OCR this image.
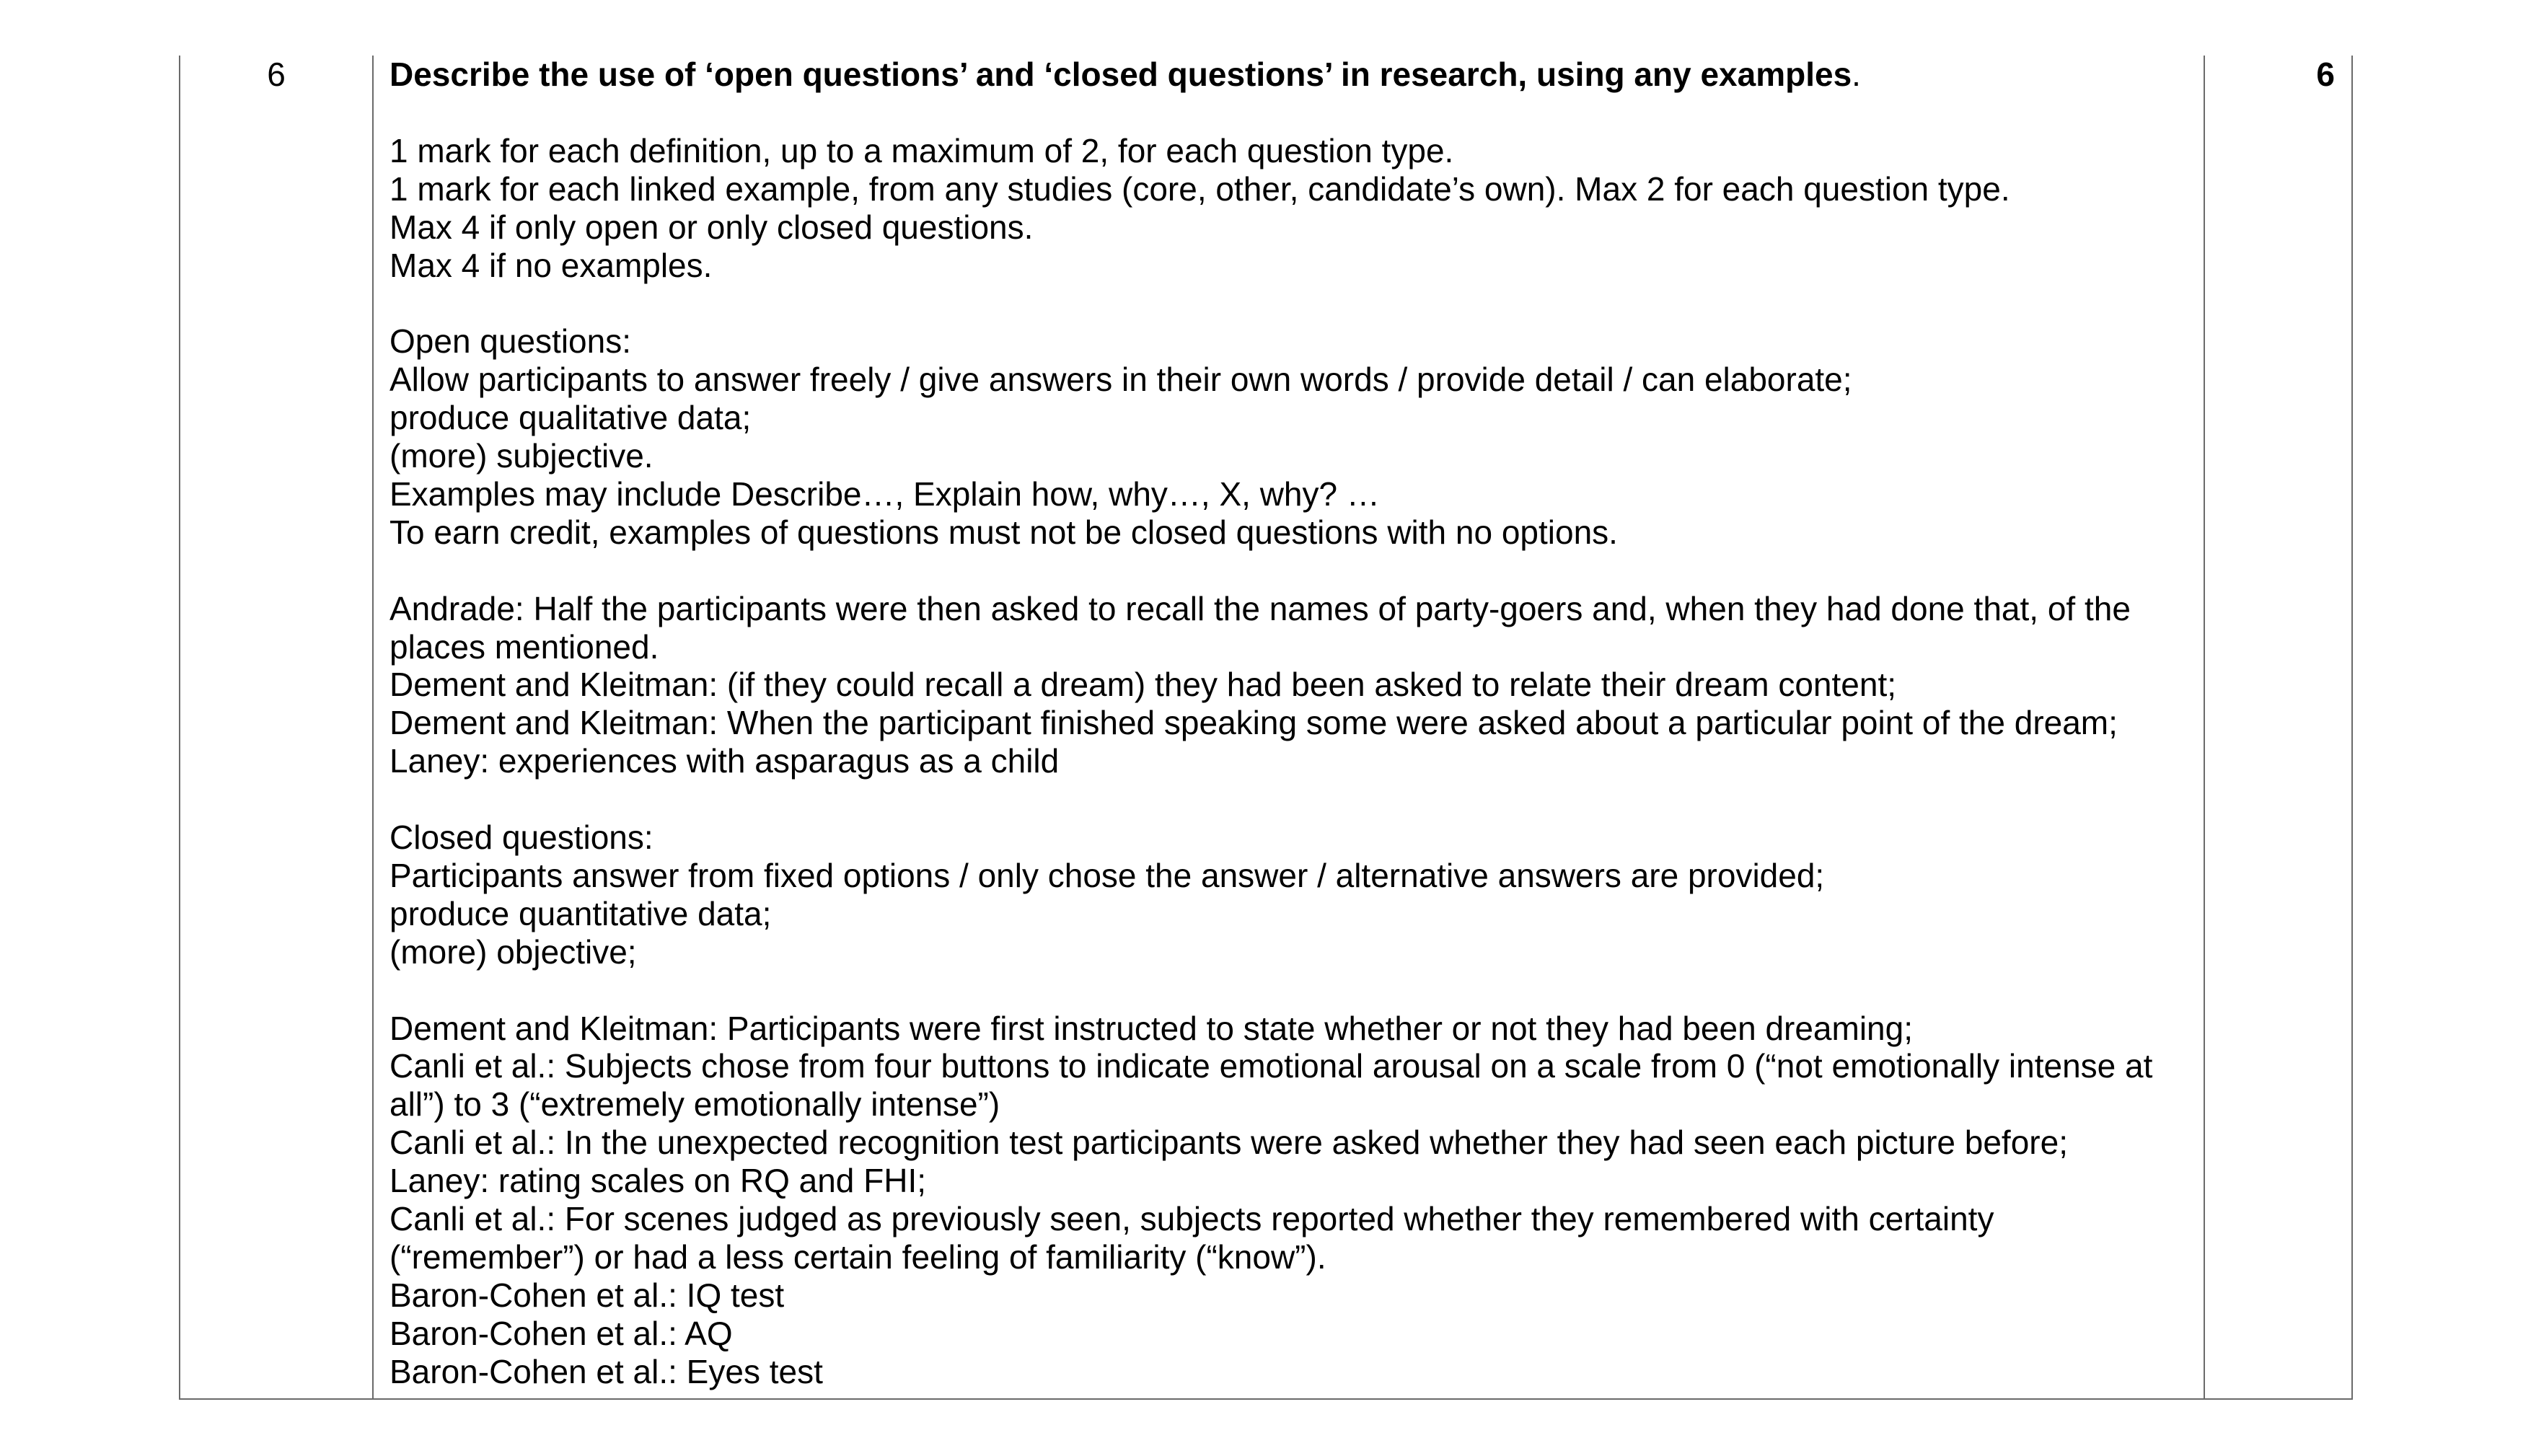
6	Describe the use of ‘open questions’ and ‘closed questions’ in research, using any examples.

1 mark for each definition, up to a maximum of 2, for each question type.

1 mark for each linked example, from any studies (core, other, candidate’s own). Max 2 for each question type.

Max 4 if only open or only closed questions.

Max 4 if no examples.

Open questions:

Allow participants to answer freely / give answers in their own words / provide detail / can elaborate;

produce qualitative data;

(more) subjective.

Examples may include Describe…, Explain how, why…, X, why? …

To earn credit, examples of questions must not be closed questions with no options.

Andrade: Half the participants were then asked to recall the names of party-goers and, when they had done that, of the places mentioned.

Dement and Kleitman: (if they could recall a dream) they had been asked to relate their dream content;

Dement and Kleitman: When the participant finished speaking some were asked about a particular point of the dream;

Laney: experiences with asparagus as a child

Closed questions:

Participants answer from fixed options / only chose the answer / alternative answers are provided;

produce quantitative data;

(more) objective;

Dement and Kleitman: Participants were first instructed to state whether or not they had been dreaming;

Canli et al.: Subjects chose from four buttons to indicate emotional arousal on a scale from 0 (“not emotionally intense at all”) to 3 (“extremely emotionally intense”)

Canli et al.: In the unexpected recognition test participants were asked whether they had seen each picture before;

Laney: rating scales on RQ and FHI;

Canli et al.: For scenes judged as previously seen, subjects reported whether they remembered with certainty (“remember”) or had a less certain feeling of familiarity (“know”).

Baron-Cohen et al.: IQ test

Baron-Cohen et al.: AQ

Baron-Cohen et al.: Eyes test

6
